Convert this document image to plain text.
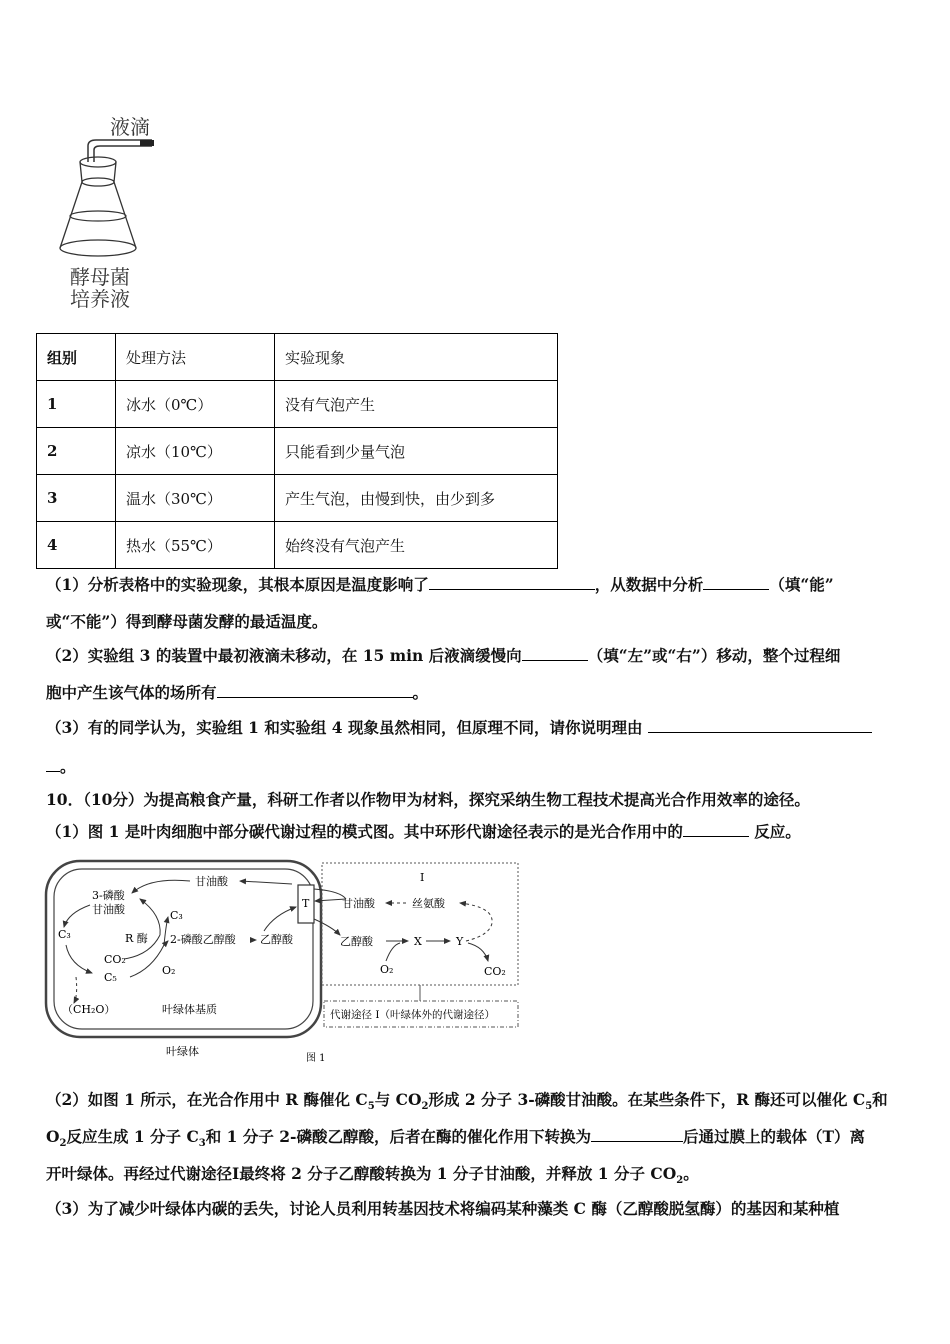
液滴
酵母菌
培养液
组别	处理方法	实验现象
1	冰水（0℃）	没有气泡产生
2	凉水（10℃）	只能看到少量气泡
3	温水（30℃）	产生气泡，由慢到快，由少到多
4	热水（55℃）	始终没有气泡产生
（1）分析表格中的实验现象，其根本原因是温度影响了	，从数据中分析	（填“能”
或“不能”）得到酵母菌发酵的最适温度。
（2）实验组 3 的装置中最初液滴未移动，在 15 min 后液滴缓慢向	（填“左”或“右”）移动，整个过程细
胞中产生该气体的场所有	。
（3）有的同学认为，实验组 1 和实验组 4 现象虽然相同，但原理不同，请你说明理由
。
10．（10分）为提高粮食产量，科研工作者以作物甲为材料，探究采纳生物工程技术提高光合作用效率的途径。
（1）图 1 是叶肉细胞中部分碳代谢过程的模式图。其中环形代谢途径表示的是光合作用中的	反应。
T
甘油酸
3-磷酸
甘油酸
C₃	R 酶
C₃
2-磷酸乙醇酸 乙醇酸
CO₂
C₅
O₂
（CH₂O）	叶绿体基质
叶绿体
I
甘油酸	丝氨酸
乙醇酸	X	Y
O₂	CO₂
代谢途径 I（叶绿体外的代谢途径）
图 1
（2）如图 1 所示，在光合作用中 R 酶催化 $C_5$与 $CO_2$形成 2 分子 3-磷酸甘油酸。在某些条件下，R 酶还可以催化 $C_5$和
$O_2$反应生成 1 分子 $C_3$和 1 分子 2-磷酸乙醇酸，后者在酶的催化作用下转换为	后通过膜上的载体（T）离
开叶绿体。再经过代谢途径Ⅰ最终将 2 分子乙醇酸转换为 1 分子甘油酸，并释放 1 分子 $CO_2$。
（3）为了减少叶绿体内碳的丢失，讨论人员利用转基因技术将编码某种藻类 C 酶（乙醇酸脱氢酶）的基因和某种植
